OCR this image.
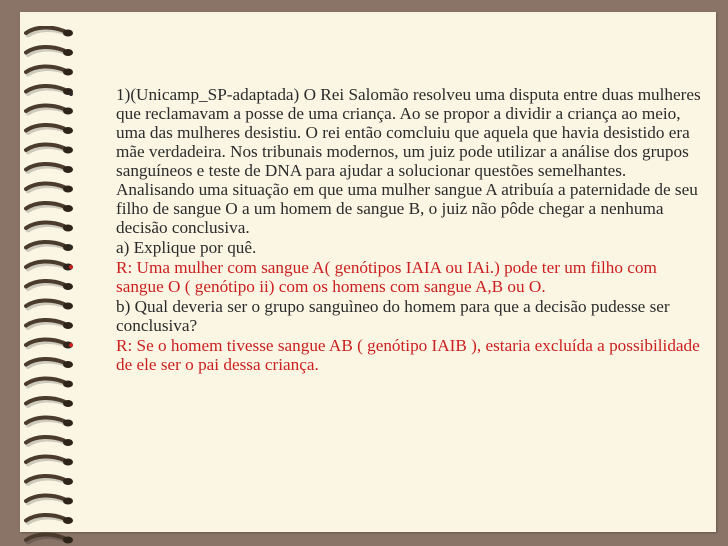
• 1)(Unicamp_SP-adaptada) O Rei Salomão resolveu uma disputa entre duas mulheres que reclamavam a posse de uma criança. Ao se propor a dividir a criança ao meio, uma das mulheres desistiu. O rei então comcluiu que aquela que havia desistido era mãe verdadeira. Nos tribunais modernos, um juiz pode utilizar a análise dos grupos sanguíneos e teste de DNA para ajudar a solucionar questões semelhantes. Analisando uma situação em que uma mulher sangue A atribuía a paternidade de seu filho de sangue O a um homem de sangue B, o juiz não pôde chegar a nenhuma decisão conclusiva.

• a) Explique por quê.

• R: Uma mulher com sangue A( genótipos IAIA ou IAi.) pode ter um filho com sangue O ( genótipo ii) com os homens com sangue A,B ou O.

b) Qual deveria ser o grupo sanguìneo do homem para que a decisão pudesse ser conclusiva?

• R: Se o homem tivesse sangue AB ( genótipo IAIB ), estaria excluída a possibilidade de ele ser o pai dessa criança.
